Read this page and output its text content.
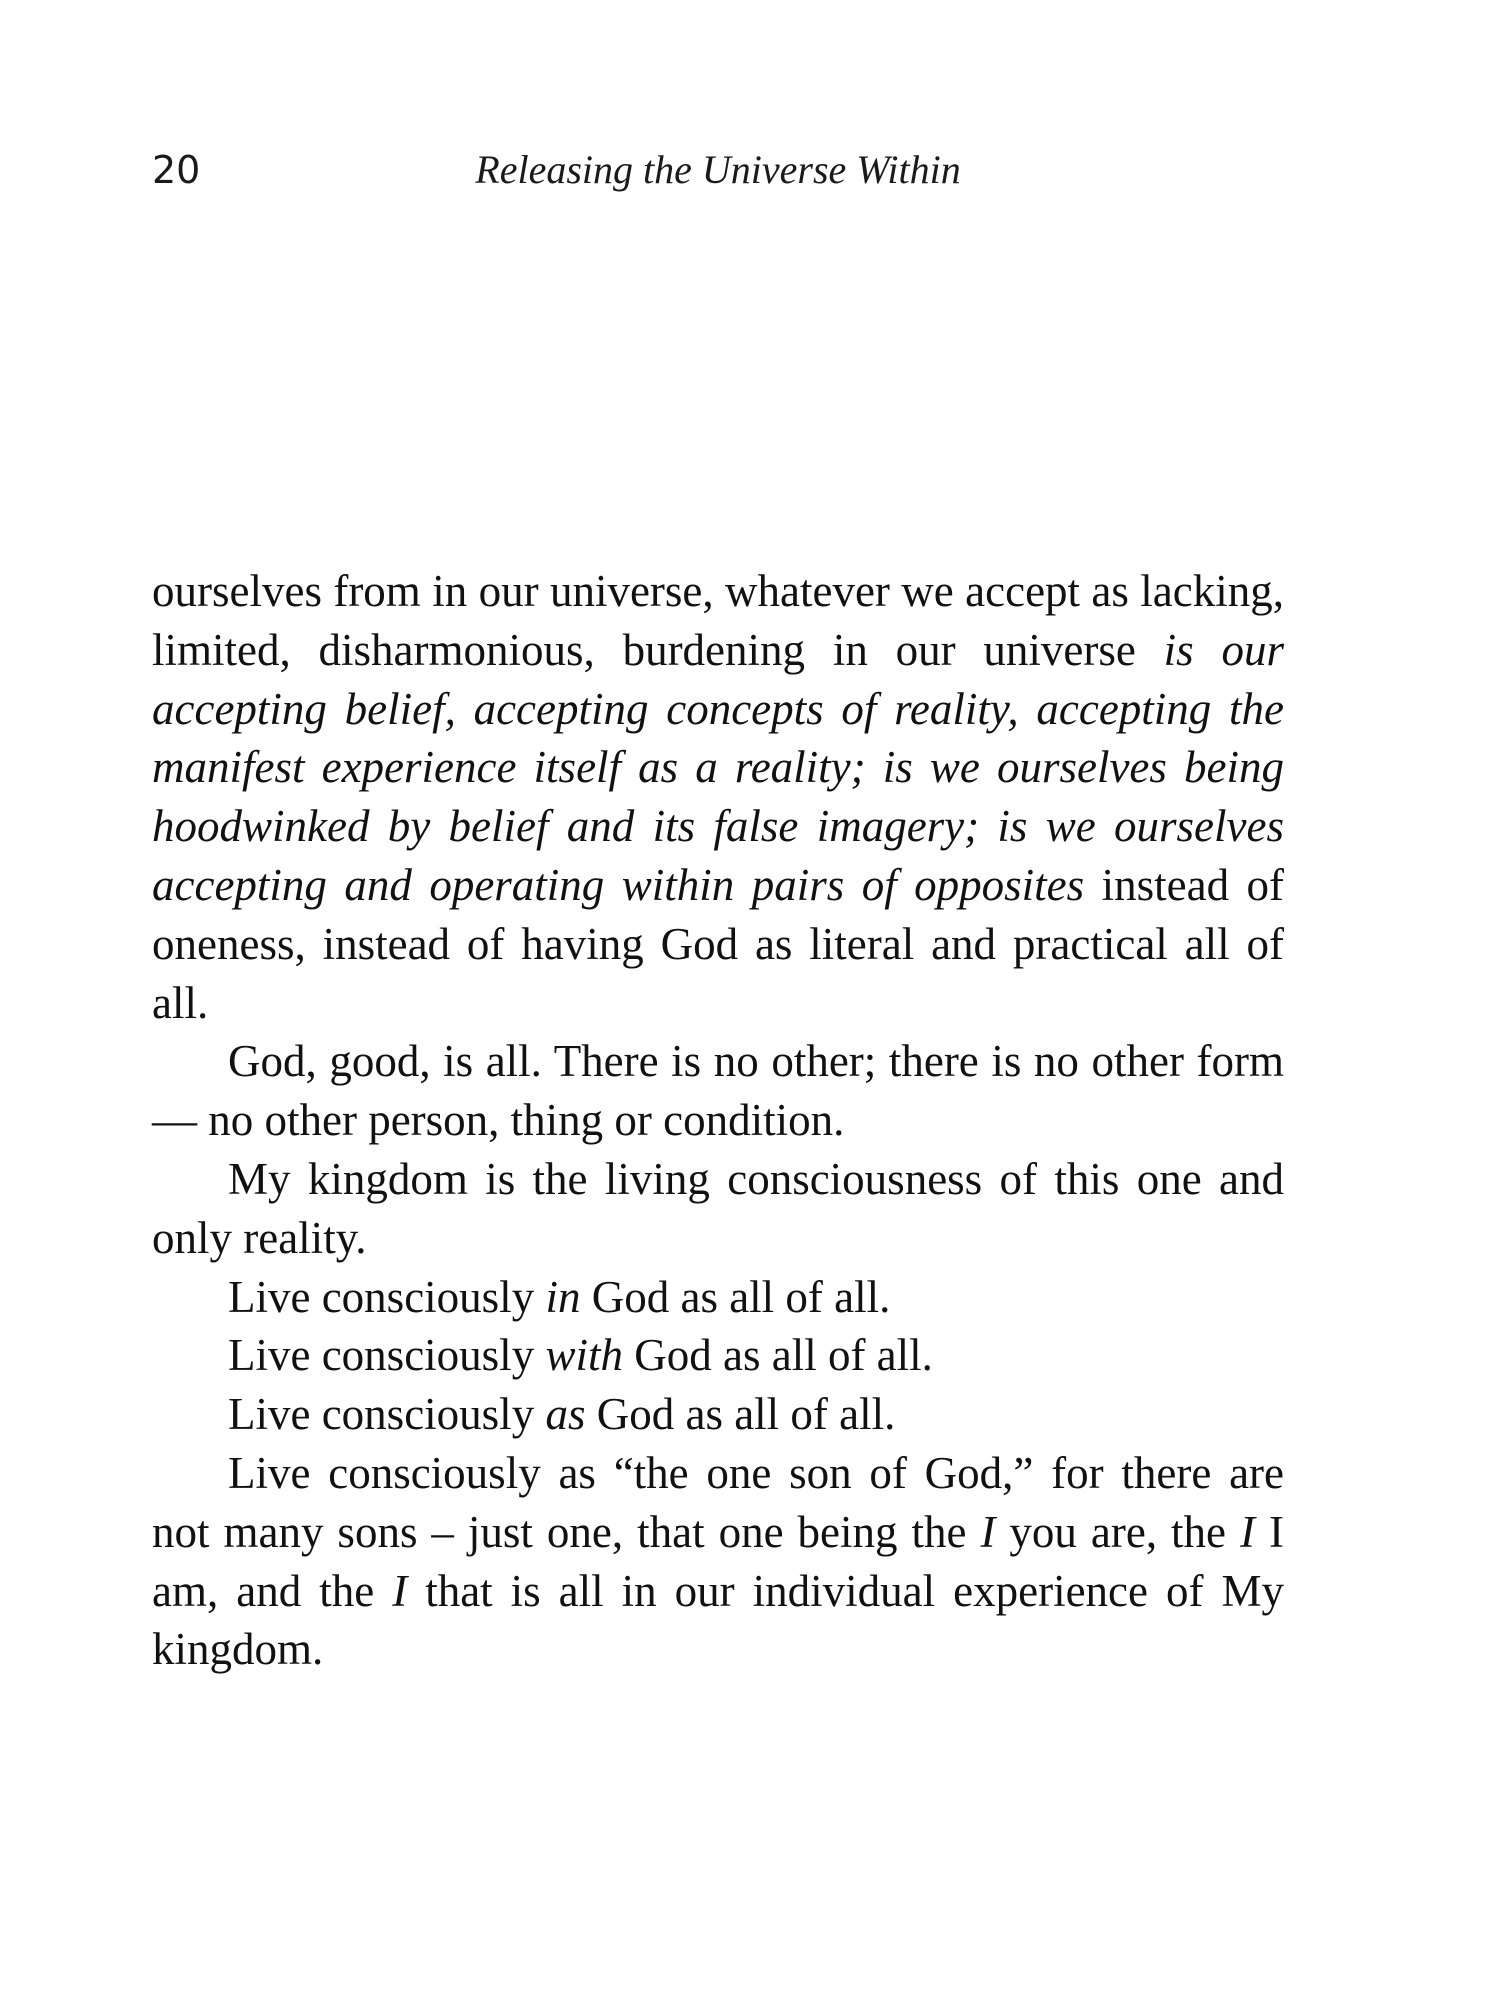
20	Releasing the Universe Within

ourselves from in our universe, whatever we accept as lacking, limited, disharmonious, burdening in our universe is our accepting belief, accepting concepts of reality, accepting the manifest experience itself as a reality; is we ourselves being hoodwinked by belief and its false imagery; is we ourselves accepting and operating within pairs of opposites instead of oneness, instead of having God as literal and practical all of all.

God, good, is all. There is no other; there is no other form — no other person, thing or condition.

My kingdom is the living consciousness of this one and only reality.

Live consciously in God as all of all.

Live consciously with God as all of all.

Live consciously as God as all of all.

Live consciously as “the one son of God,” for there are not many sons – just one, that one being the I you are, the I I am, and the I that is all in our individual experience of My kingdom.
